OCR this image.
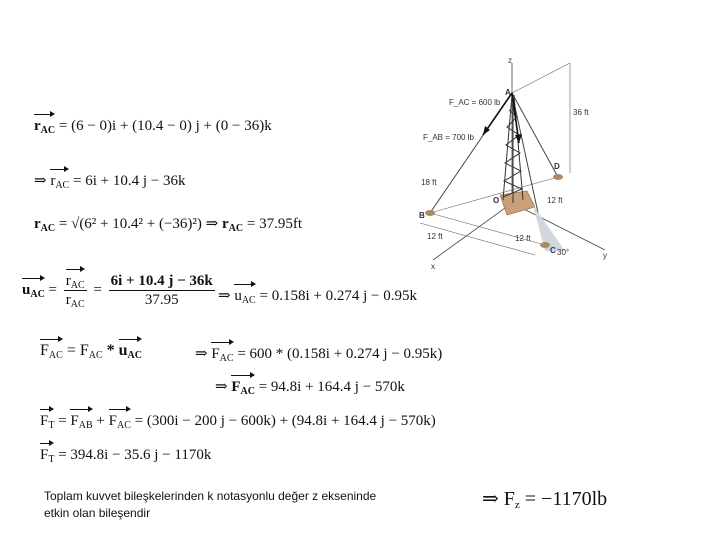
$r_{AC} = (6 - 0)i + (10.4 - 0) j + (0 - 36)k$
⇒ $r_{AC} = 6i + 10.4$ j − 36k
$r_{AC} = √(6^2 + 10.4^2 + (-36)^2)$ ⇒ $r_{AC} = 37.95ft$
$u_{AC} = \frac{r_{AC}}{r_{AC}} = \frac{6i + 10.4 j - 36k}{37.95}$ ⇒ $u_{AC} = 0.158i + 0.274$ j − 0.95k
$F_{AC} = F_{AC} * u_{AC}$	⇒ $F_{AC} = 600 * (0.158i + 0.274$ j − 0.95k)
⇒ $F_{AC} = 94.8i + 164.4$ j − 570k
$F_T = F_{AB} + F_{AC} = (300i - 200$ j − 600k) + (94.8i + 164.4 j − 570k)
$F_T = 394.8i - 35.6$ j − 1170k
Toplam kuvvet bileşkelerinden k notasyonlu değer z ekseninde
etkin olan bileşendir
⇒ $F_z = -1170lb$
z
x
y
A
B
C
D
O
F_AC = 600 lb
F_AB = 700 lb
36 ft
18 ft
12 ft
12 ft	12 ft
30°
